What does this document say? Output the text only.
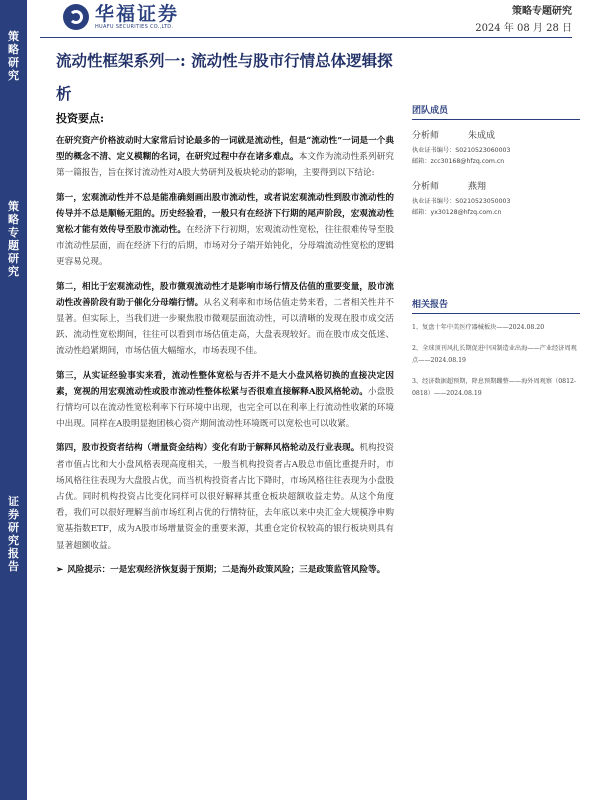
策
略
研
究
策
略
专
题
研
究
证
券
研
究
报
告
华福证券
HUAFU SECURITIES CO.,LTD.
策略专题研究
2024 年 08 月 28 日
流动性框架系列一: 流动性与股市行情总体逻辑探析
投资要点:

在研究资产价格波动时大家常后讨论最多的一词就是流动性，但是“流动性”一词是一个典型的概念不清、定义模糊的名词，在研究过程中存在诸多难点。本文作为流动性系列研究第一篇报告，旨在探讨流动性对A股大势研判及板块轮动的影响，主要得到以下结论:

第一，宏观流动性并不总是能准确刻画出股市流动性，或者说宏观流动性到股市流动性的传导并不总是顺畅无阻的。历史经验看，一般只有在经济下行期的尾声阶段，宏观流动性宽松才能有效传导至股市流动性。在经济下行初期，宏观流动性宽松，往往很难传导至股市流动性层面，而在经济下行的后期，市场对分子端开始钝化，分母端流动性宽松的逻辑更容易兑现。

第二，相比于宏观流动性，股市微观流动性才是影响市场行情及估值的重要变量，股市流动性改善阶段有助于催化分母端行情。从名义利率和市场估值走势来看，二者相关性并不显著。但实际上，当我们进一步聚焦股市微观层面流动性，可以清晰的发现在股市成交活跃、流动性宽松期间，往往可以看到市场估值走高，大盘表现较好。而在股市成交低迷、流动性趋紧期间，市场估值大幅缩水，市场表现不佳。

第三，从实证经验事实来看，流动性整体宽松与否并不是大小盘风格切换的直接决定因素，宽视的用宏观流动性或股市流动性整体松紧与否很难直接解释A股风格轮动。小盘股行情均可以在流动性宽松利率下行环境中出现，也完全可以在利率上行流动性收紧的环境中出现。同样在A股明显抱团核心资产期间流动性环境既可以宽松也可以收紧。

第四，股市投资者结构（增量资金结构）变化有助于解释风格轮动及行业表现。机构投资者市值占比和大小盘风格表现高度相关，一般当机构投资者占A股总市值比重提升时，市场风格往往表现为大盘股占优，而当机构投资者占比下降时，市场风格往往表现为小盘股占优。同时机构投资占比变化同样可以很好解释其重仓板块超额收益走势。从这个角度看，我们可以很好理解当前市场红利占优的行情特征，去年底以来中央汇金大规模净申购宽基指数ETF，成为A股市场增量资金的重要来源，其重仓定价权较高的银行板块则具有显著超额收益。

➢ 风险提示：一是宏观经济恢复弱于预期；二是海外政策风险；三是政策监管风险等。

团队成员
分析师	朱成成
执业证书编号：S0210523060003
邮箱：zcc30168@hfzq.com.cn
分析师	燕翔
执业证书编号：S0210523050003
邮箱：yx30128@hfzq.com.cn
相关报告
1、复盘十年中美医疗器械板块——2024.08.20
2、全球顶刊风扎长期促进中国制造业出海——产业经济周观点——2024.08.19
3、经济数据超预期，降息预期蹦整——海外周观察（0812-0818）——2024.08.19
